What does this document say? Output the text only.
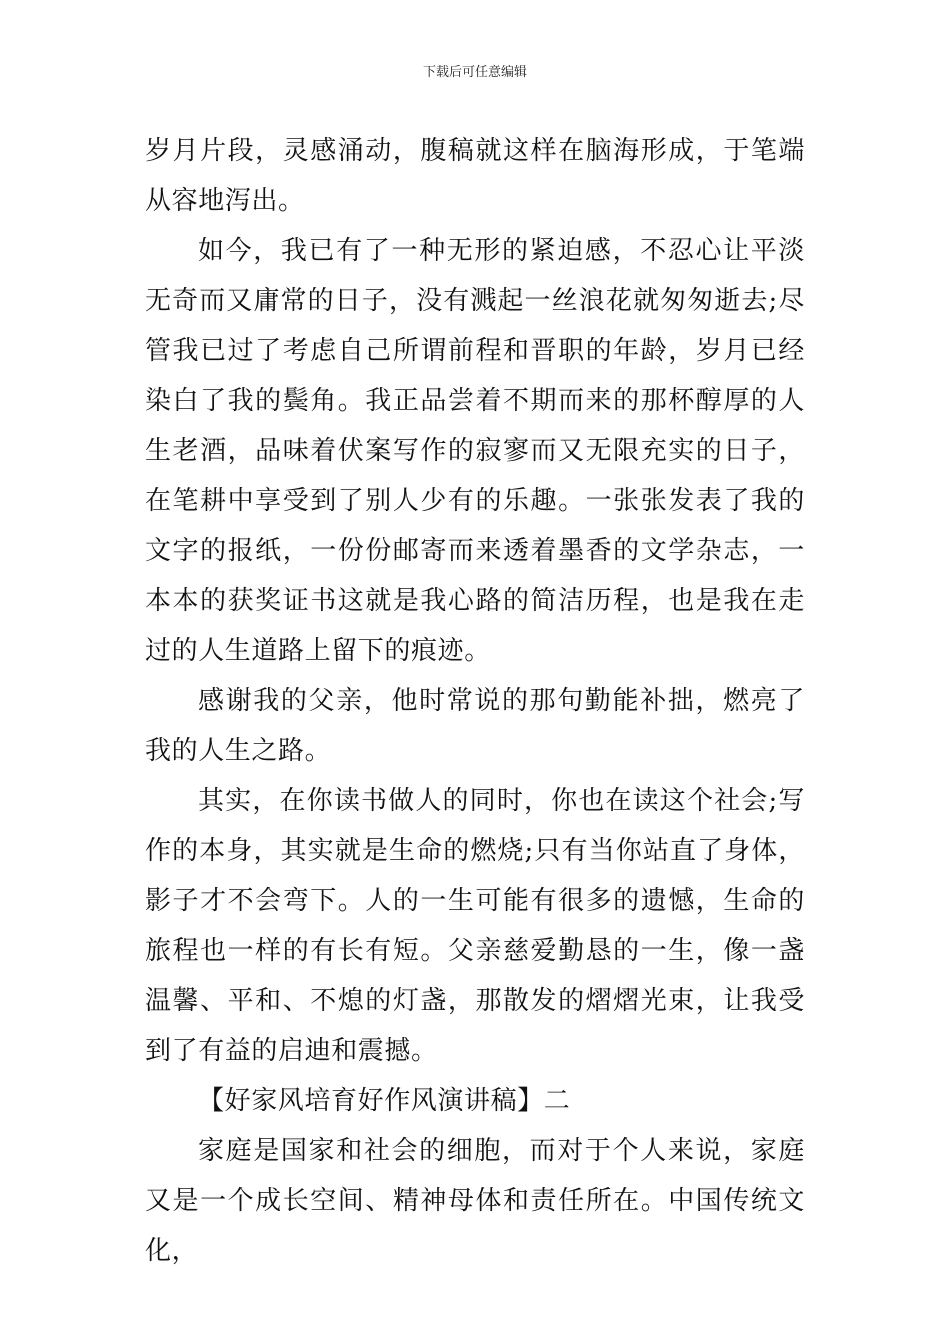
下载后可任意编辑

岁月片段，灵感涌动，腹稿就这样在脑海形成，于笔端从容地泻出。

如今，我已有了一种无形的紧迫感，不忍心让平淡无奇而又庸常的日子，没有溅起一丝浪花就匆匆逝去;尽管我已过了考虑自己所谓前程和晋职的年龄，岁月已经染白了我的鬓角。我正品尝着不期而来的那杯醇厚的人生老酒，品味着伏案写作的寂寥而又无限充实的日子，在笔耕中享受到了别人少有的乐趣。一张张发表了我的文字的报纸，一份份邮寄而来透着墨香的文学杂志，一本本的获奖证书这就是我心路的简洁历程，也是我在走过的人生道路上留下的痕迹。

感谢我的父亲，他时常说的那句勤能补拙，燃亮了我的人生之路。

其实，在你读书做人的同时，你也在读这个社会;写作的本身，其实就是生命的燃烧;只有当你站直了身体，影子才不会弯下。人的一生可能有很多的遗憾，生命的旅程也一样的有长有短。父亲慈爱勤恳的一生，像一盏温馨、平和、不熄的灯盏，那散发的熠熠光束，让我受到了有益的启迪和震撼。

【好家风培育好作风演讲稿】二

家庭是国家和社会的细胞，而对于个人来说，家庭又是一个成长空间、精神母体和责任所在。中国传统文化，
